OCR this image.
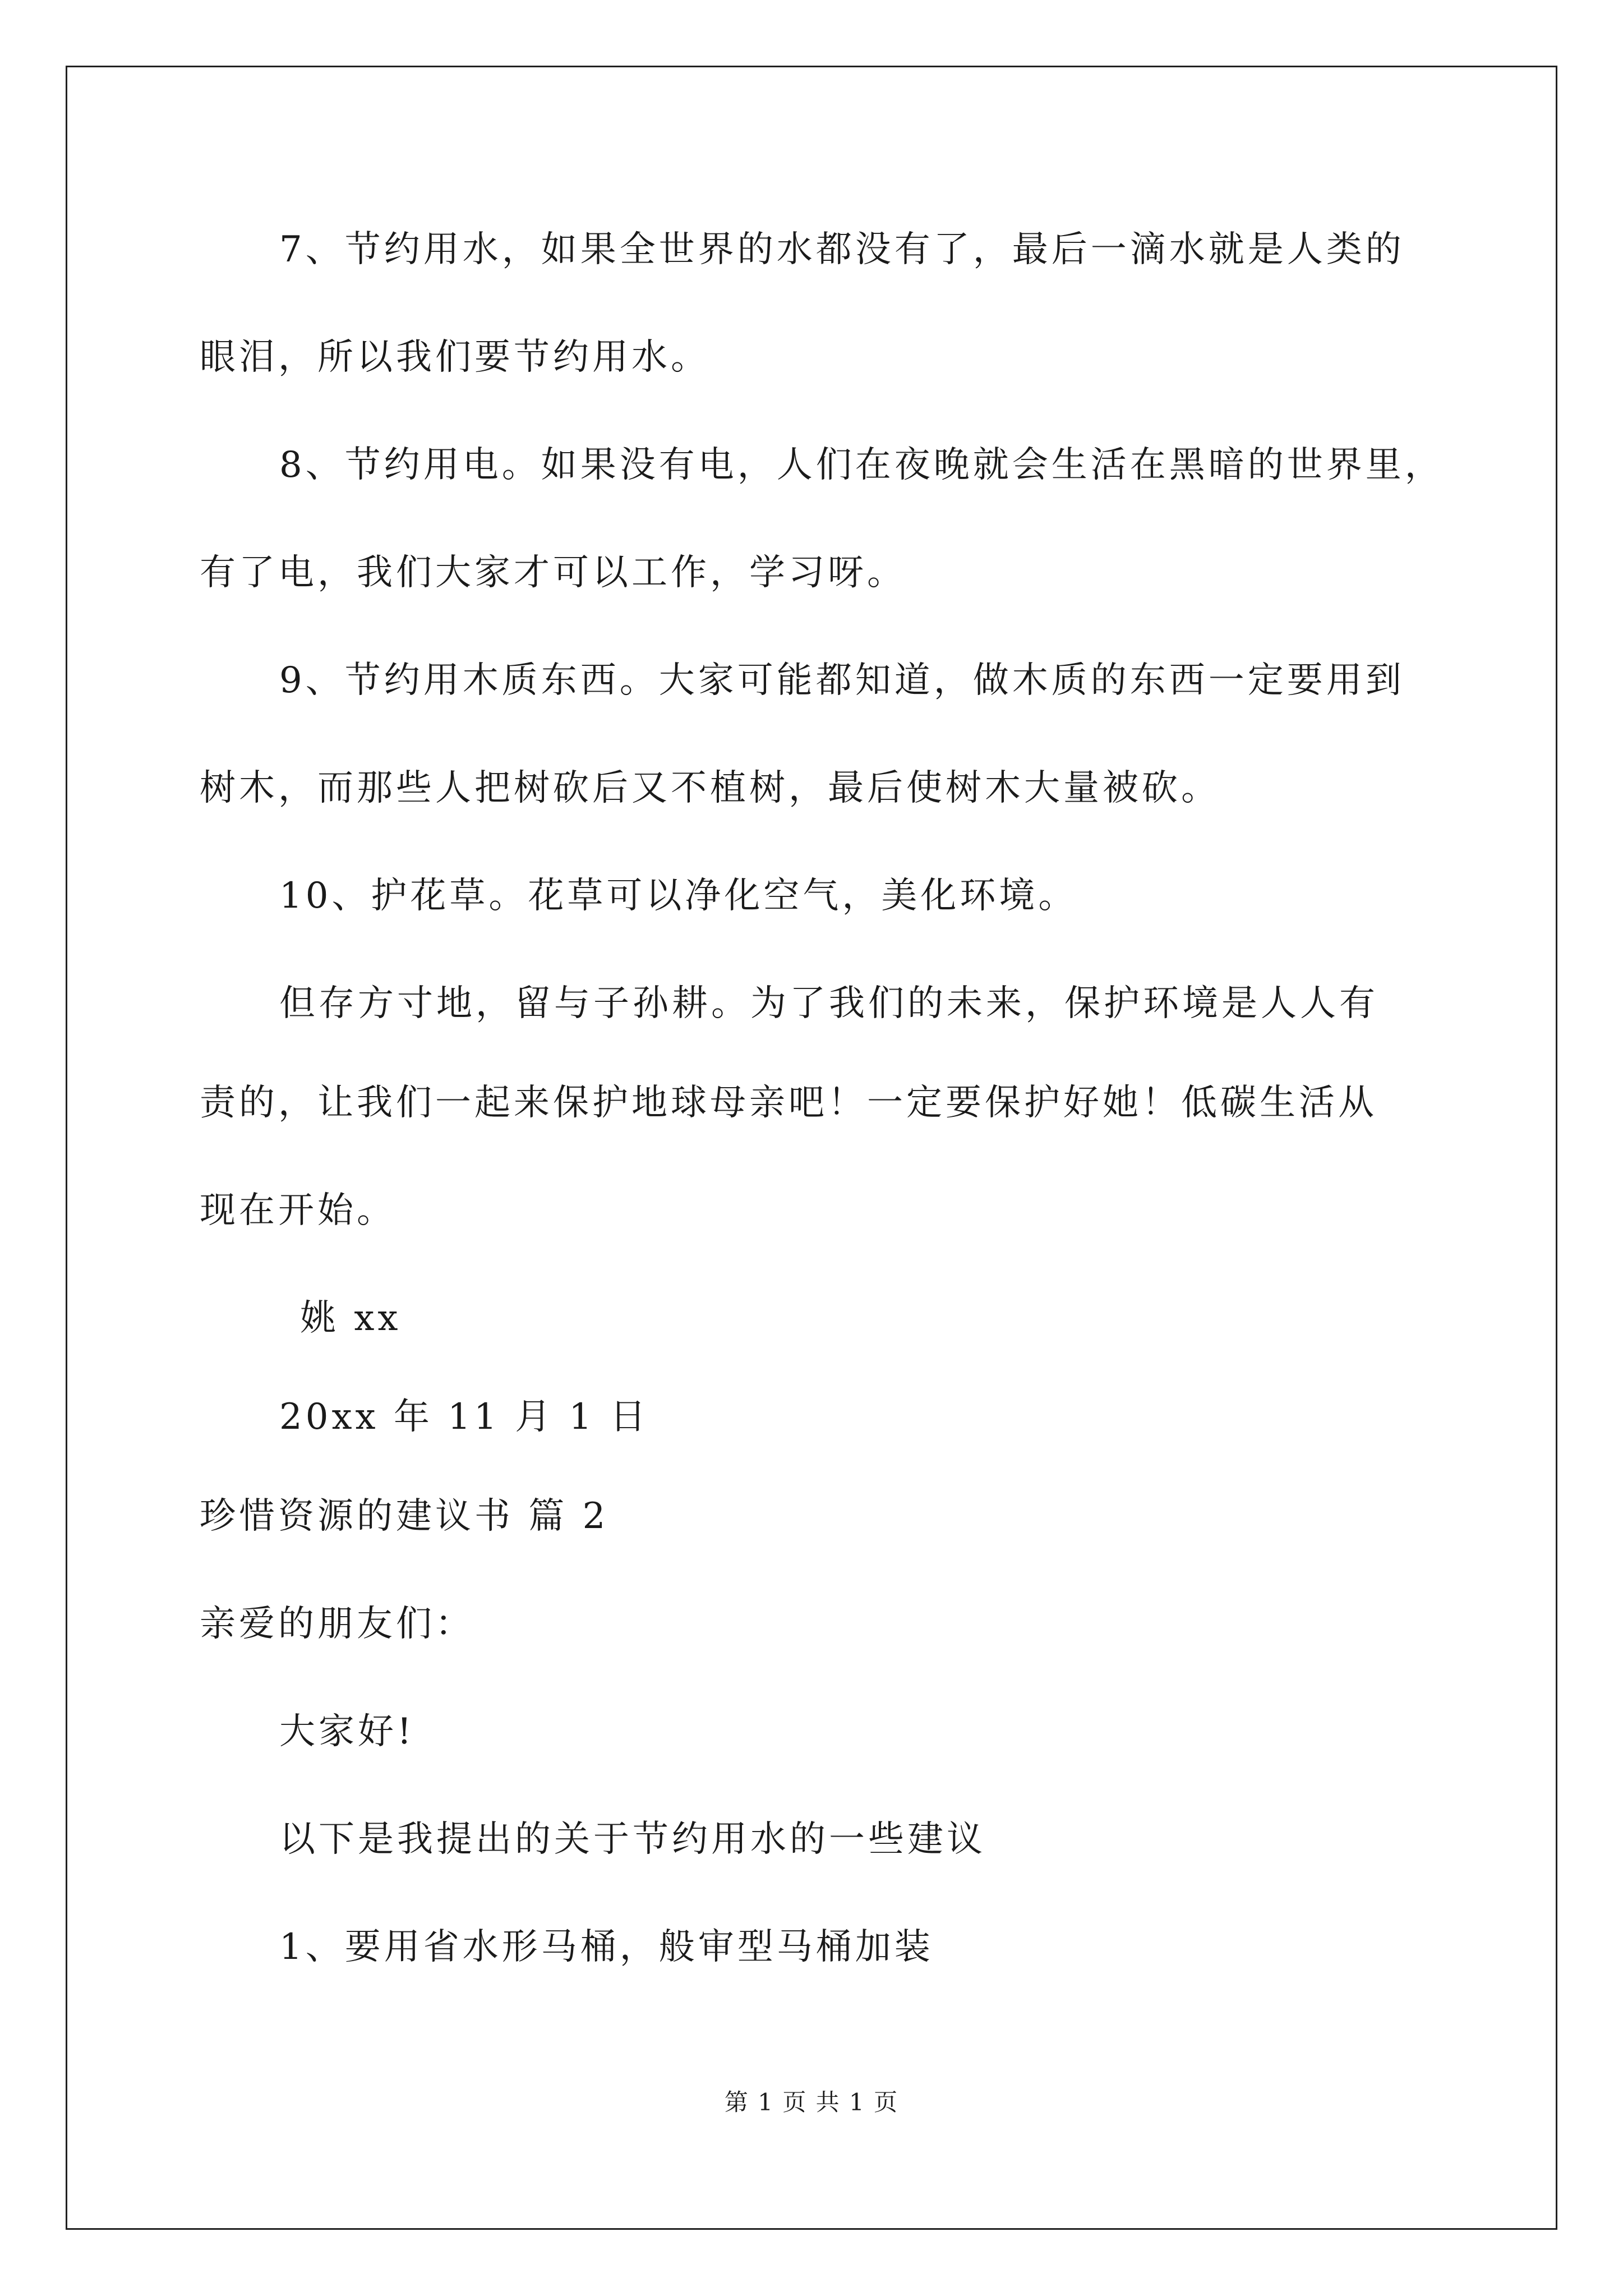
7、节约用水，如果全世界的水都没有了，最后一滴水就是人类的
眼泪，所以我们要节约用水。
8、节约用电。如果没有电，人们在夜晚就会生活在黑暗的世界里，
有了电，我们大家才可以工作，学习呀。
9、节约用木质东西。大家可能都知道，做木质的东西一定要用到
树木，而那些人把树砍后又不植树，最后使树木大量被砍。
10、护花草。花草可以净化空气，美化环境。
但存方寸地，留与子孙耕。为了我们的未来，保护环境是人人有
责的，让我们一起来保护地球母亲吧！一定要保护好她！低碳生活从
现在开始。
姚 xx
20xx 年 11 月 1 日
珍惜资源的建议书 篇 2
亲爱的朋友们：
大家好!
以下是我提出的关于节约用水的一些建议
1、要用省水形马桶，般审型马桶加装
第 1 页 共 1 页
